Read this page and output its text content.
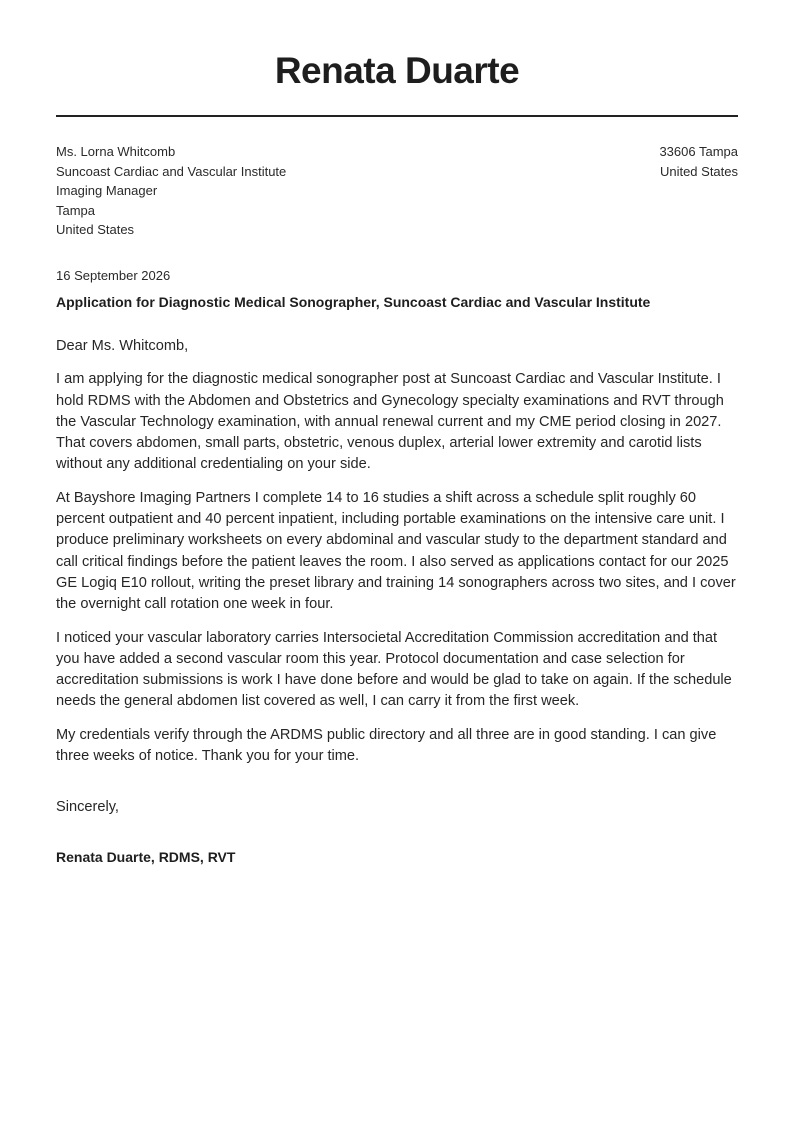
Renata Duarte
Ms. Lorna Whitcomb
Suncoast Cardiac and Vascular Institute
Imaging Manager
Tampa
United States
33606 Tampa
United States
16 September 2026
Application for Diagnostic Medical Sonographer, Suncoast Cardiac and Vascular Institute

Dear Ms. Whitcomb,

I am applying for the diagnostic medical sonographer post at Suncoast Cardiac and Vascular Institute. I hold RDMS with the Abdomen and Obstetrics and Gynecology specialty examinations and RVT through the Vascular Technology examination, with annual renewal current and my CME period closing in 2027. That covers abdomen, small parts, obstetric, venous duplex, arterial lower extremity and carotid lists without any additional credentialing on your side.

At Bayshore Imaging Partners I complete 14 to 16 studies a shift across a schedule split roughly 60 percent outpatient and 40 percent inpatient, including portable examinations on the intensive care unit. I produce preliminary worksheets on every abdominal and vascular study to the department standard and call critical findings before the patient leaves the room. I also served as applications contact for our 2025 GE Logiq E10 rollout, writing the preset library and training 14 sonographers across two sites, and I cover the overnight call rotation one week in four.

I noticed your vascular laboratory carries Intersocietal Accreditation Commission accreditation and that you have added a second vascular room this year. Protocol documentation and case selection for accreditation submissions is work I have done before and would be glad to take on again. If the schedule needs the general abdomen list covered as well, I can carry it from the first week.

My credentials verify through the ARDMS public directory and all three are in good standing. I can give three weeks of notice. Thank you for your time.

Sincerely,
Renata Duarte, RDMS, RVT
